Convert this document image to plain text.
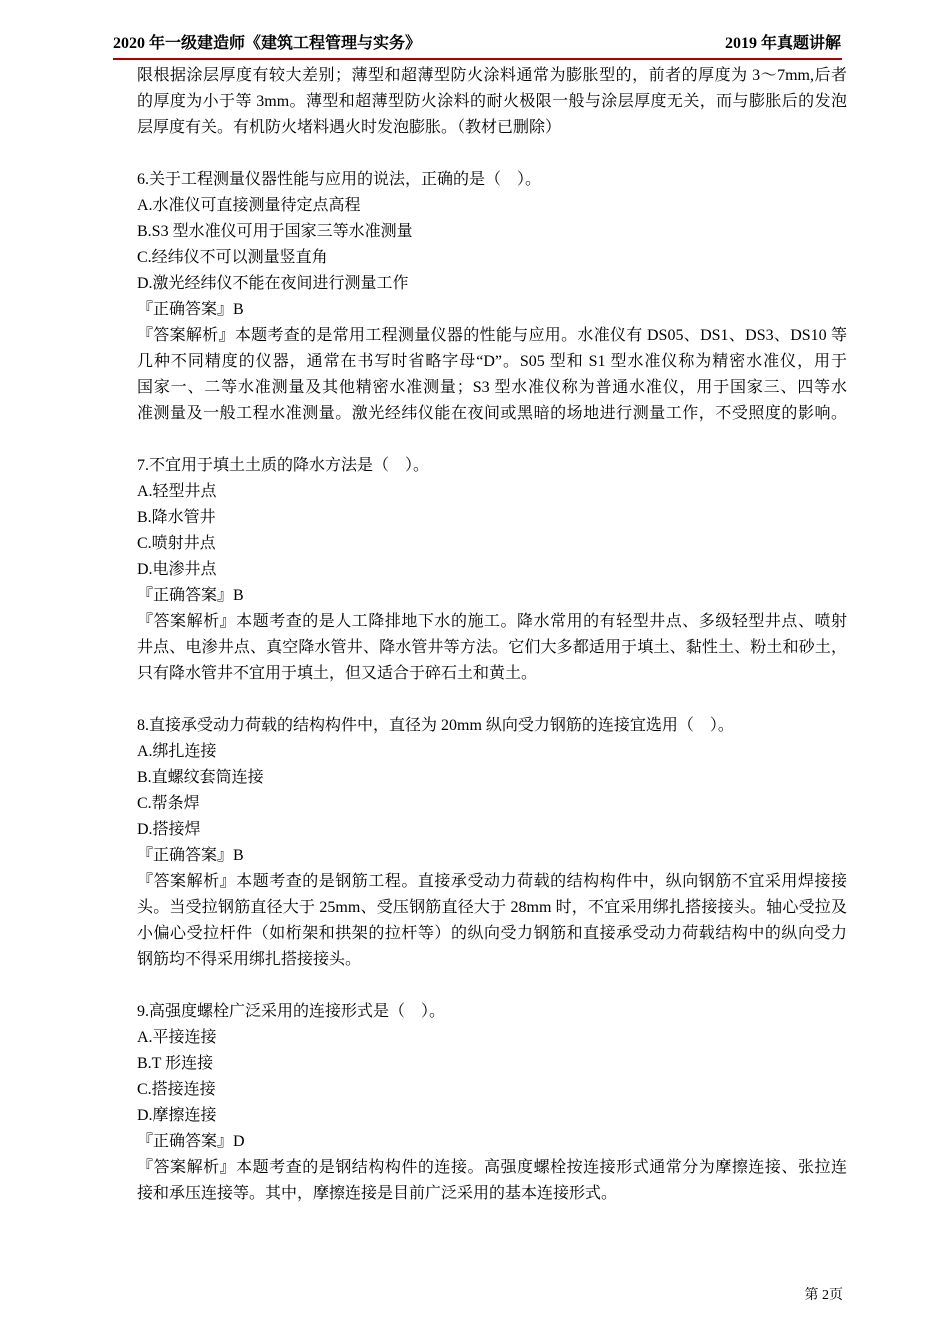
2020 年一级建造师《建筑工程管理与实务》	2019 年真题讲解
限根据涂层厚度有较大差别；薄型和超薄型防火涂料通常为膨胀型的，前者的厚度为 3～7mm,后者
的厚度为小于等 3mm。薄型和超薄型防火涂料的耐火极限一般与涂层厚度无关，而与膨胀后的发泡
层厚度有关。有机防火堵料遇火时发泡膨胀。（教材已删除）
6.关于工程测量仪器性能与应用的说法，正确的是（　）。
A.水准仪可直接测量待定点高程
B.S3 型水准仪可用于国家三等水准测量
C.经纬仪不可以测量竖直角
D.激光经纬仪不能在夜间进行测量工作
『正确答案』B
『答案解析』本题考查的是常用工程测量仪器的性能与应用。水准仪有 DS05、DS1、DS3、DS10 等
几种不同精度的仪器，通常在书写时省略字母“D”。S05 型和 S1 型水准仪称为精密水准仪，用于
国家一、二等水准测量及其他精密水准测量；S3 型水准仪称为普通水准仪，用于国家三、四等水
准测量及一般工程水准测量。激光经纬仪能在夜间或黑暗的场地进行测量工作，不受照度的影响。
7.不宜用于填土土质的降水方法是（　）。
A.轻型井点
B.降水管井
C.喷射井点
D.电渗井点
『正确答案』B
『答案解析』本题考查的是人工降排地下水的施工。降水常用的有轻型井点、多级轻型井点、喷射
井点、电渗井点、真空降水管井、降水管井等方法。它们大多都适用于填土、黏性土、粉土和砂土，
只有降水管井不宜用于填土，但又适合于碎石土和黄土。
8.直接承受动力荷载的结构构件中，直径为 20mm 纵向受力钢筋的连接宜选用（　）。
A.绑扎连接
B.直螺纹套筒连接
C.帮条焊
D.搭接焊
『正确答案』B
『答案解析』本题考查的是钢筋工程。直接承受动力荷载的结构构件中，纵向钢筋不宜采用焊接接
头。当受拉钢筋直径大于 25mm、受压钢筋直径大于 28mm 时，不宜采用绑扎搭接接头。轴心受拉及
小偏心受拉杆件（如桁架和拱架的拉杆等）的纵向受力钢筋和直接承受动力荷载结构中的纵向受力
钢筋均不得采用绑扎搭接接头。
9.高强度螺栓广泛采用的连接形式是（　）。
A.平接连接
B.T 形连接
C.搭接连接
D.摩擦连接
『正确答案』D
『答案解析』本题考查的是钢结构构件的连接。高强度螺栓按连接形式通常分为摩擦连接、张拉连
接和承压连接等。其中，摩擦连接是目前广泛采用的基本连接形式。
第 2页
